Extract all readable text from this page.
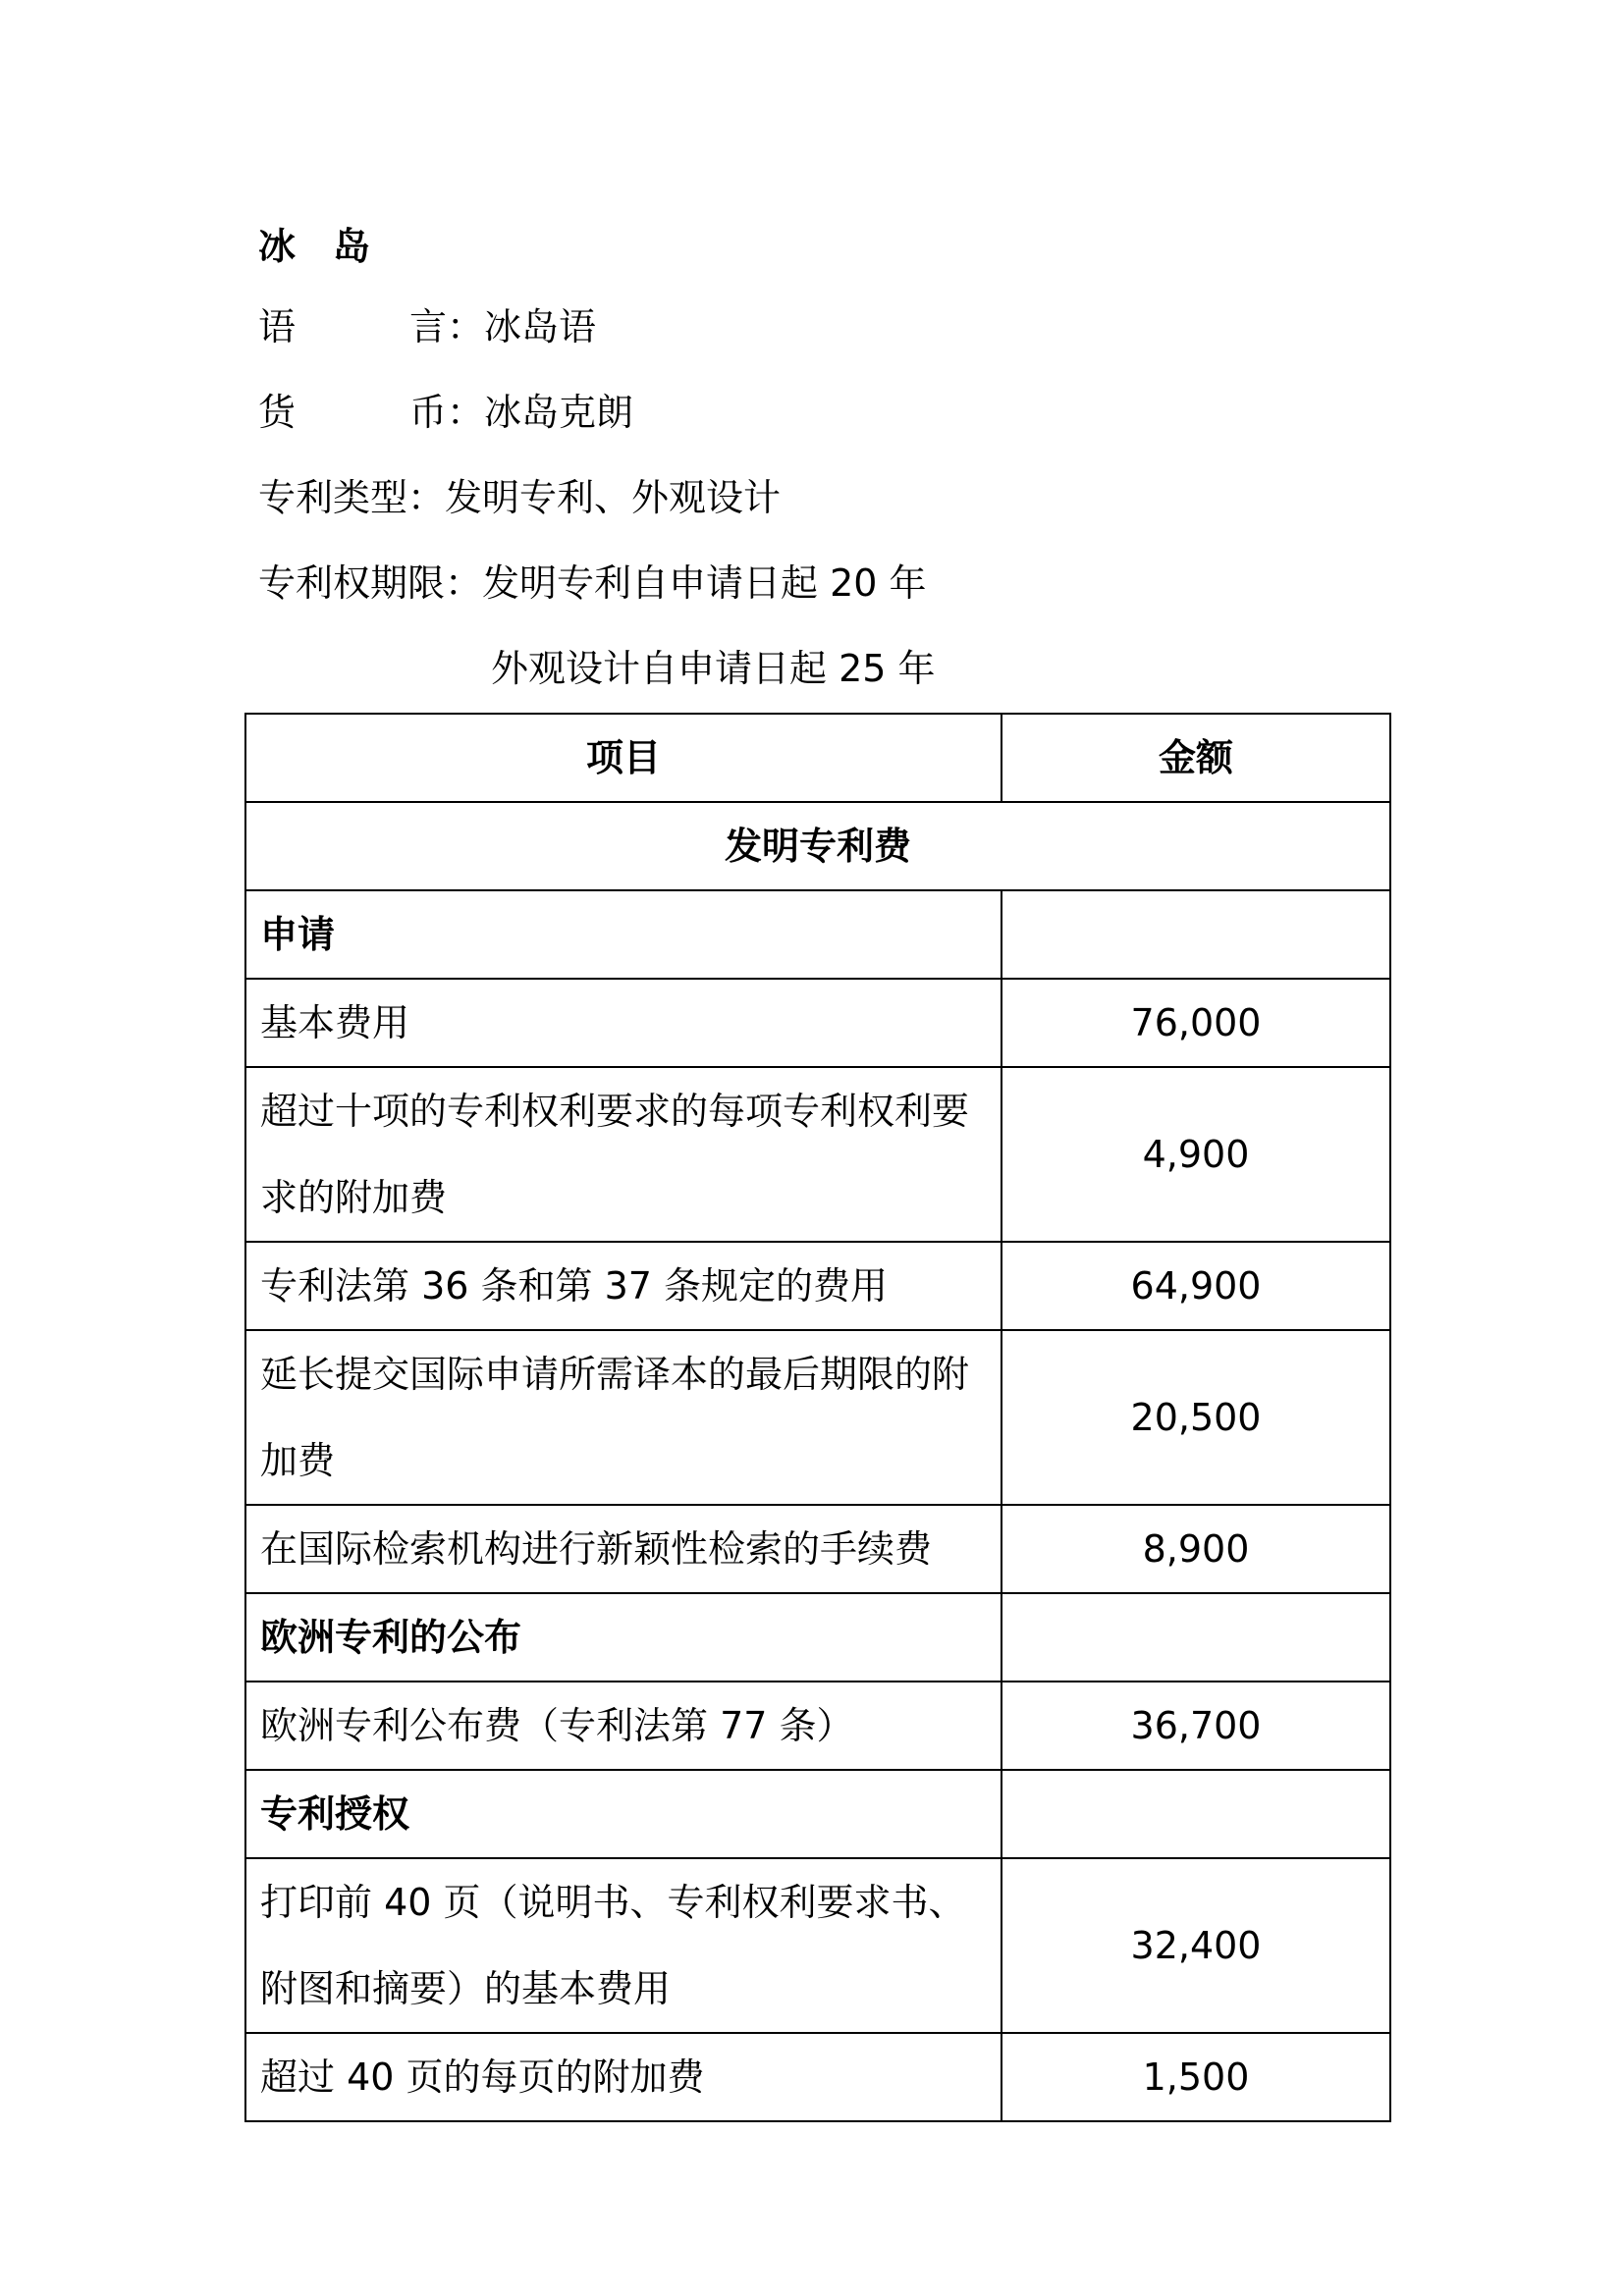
冰 岛
语 言：冰岛语
货 币：冰岛克朗
专利类型：发明专利、外观设计
专利权期限：发明专利自申请日起 20 年
外观设计自申请日起 25 年
项目	金额
发明专利费	
申请	
基本费用	76,000
超过十项的专利权利要求的每项专利权利要求的附加费	4,900
专利法第 36 条和第 37 条规定的费用	64,900
延长提交国际申请所需译本的最后期限的附加费	20,500
在国际检索机构进行新颖性检索的手续费	8,900
欧洲专利的公布	
欧洲专利公布费（专利法第 77 条）	36,700
专利授权	
打印前 40 页（说明书、专利权利要求书、附图和摘要）的基本费用	32,400
超过 40 页的每页的附加费	1,500
